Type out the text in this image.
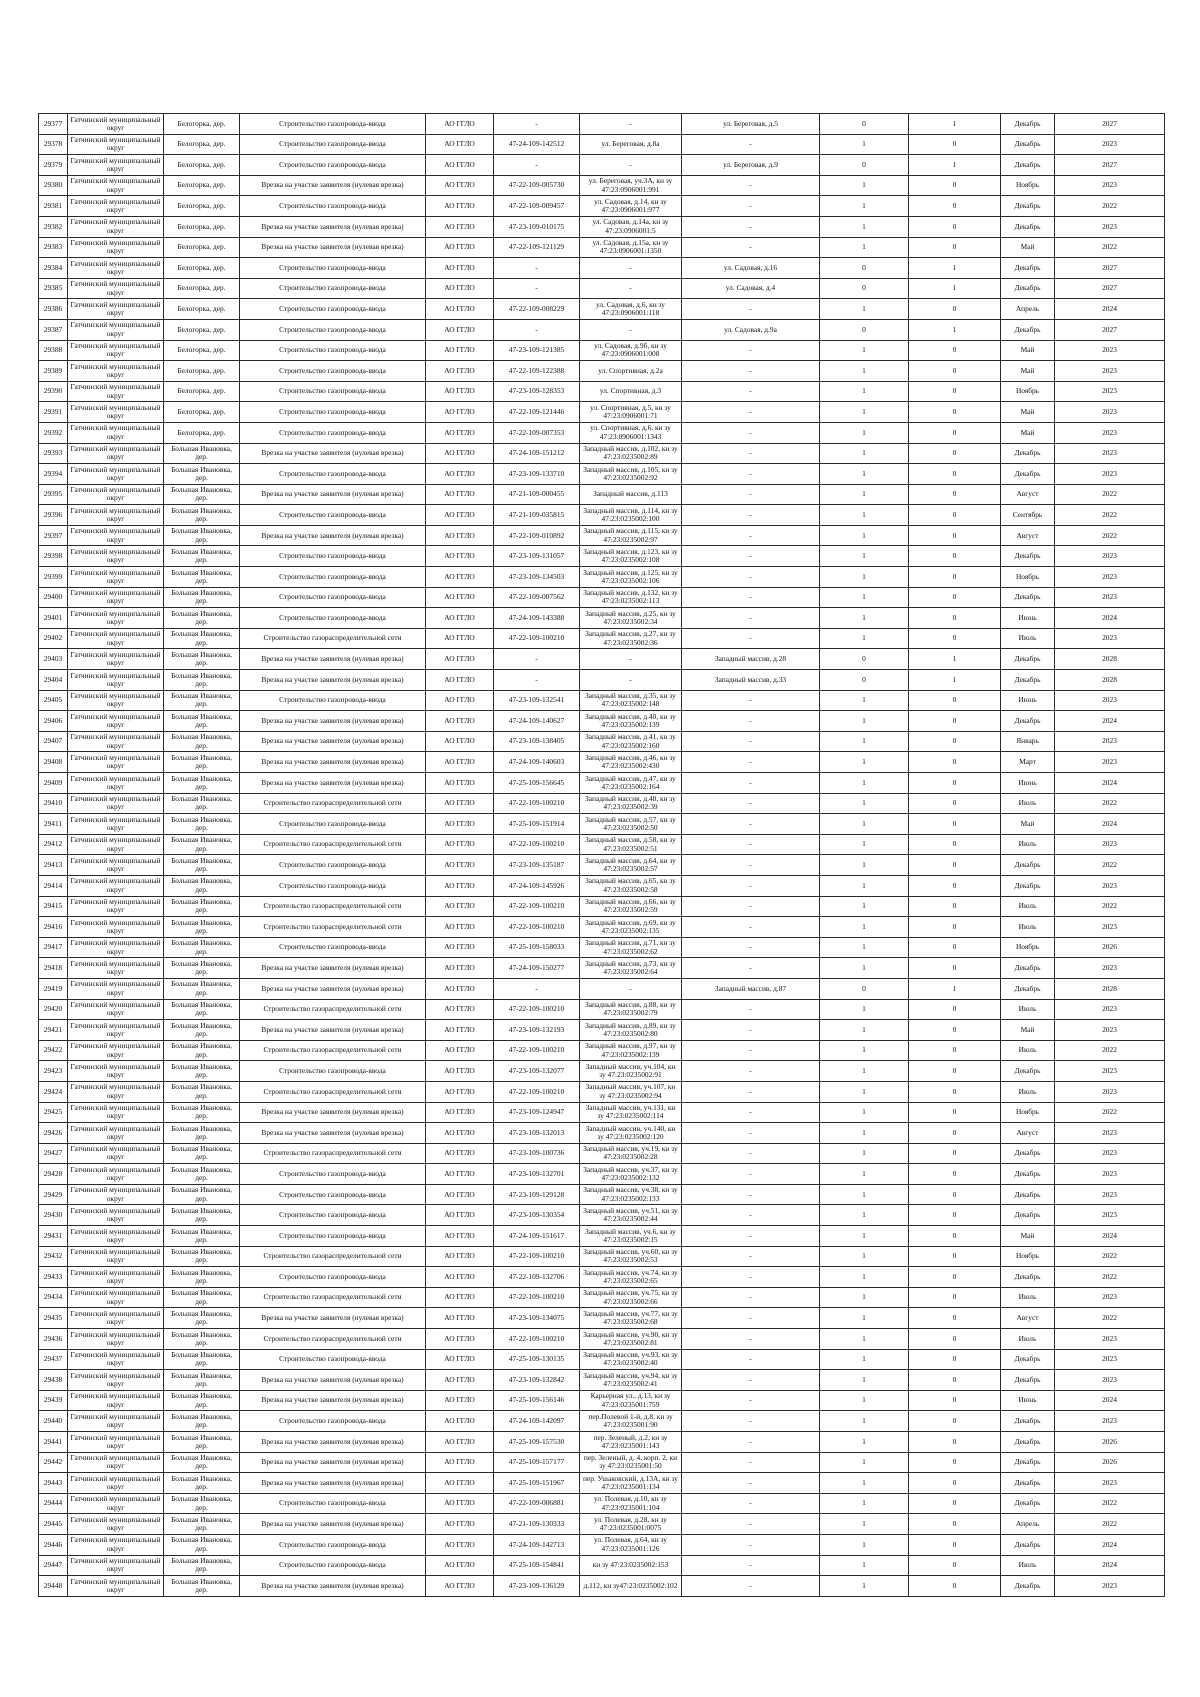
29377	Гатчинский муниципальный округ	Белогорка, дер.	Строительство газопровода-ввода	АО ГГЛО	-	-	ул. Береговая, д.5	0	1	Декабрь	2027
29378	Гатчинский муниципальный округ	Белогорка, дер.	Строительство газопровода-ввода	АО ГГЛО	47-24-109-142512	ул. Береговая, д.8а	-	1	0	Декабрь	2023
29379	Гатчинский муниципальный округ	Белогорка, дер.	Строительство газопровода-ввода	АО ГГЛО	-	-	ул. Береговая, д.9	0	1	Декабрь	2027
29380	Гатчинский муниципальный округ	Белогорка, дер.	Врезка на участке заявителя (нулевая врезка)	АО ГГЛО	47-22-109-005730	ул. Береговая, уч.3А, кн зу 47:23:0906001:991	-	1	0	Ноябрь	2023
29381	Гатчинский муниципальный округ	Белогорка, дер.	Строительство газопровода-ввода	АО ГГЛО	47-22-109-009457	ул. Садовая, д.14, кн зу 47:23:0906001:977	-	1	0	Декабрь	2022
29382	Гатчинский муниципальный округ	Белогорка, дер.	Врезка на участке заявителя (нулевая врезка)	АО ГГЛО	47-23-109-010175	ул. Садовая, д.14а, кн зу 47:23:0906001:5	-	1	0	Декабрь	2023
29383	Гатчинский муниципальный округ	Белогорка, дер.	Врезка на участке заявителя (нулевая врезка)	АО ГГЛО	47-22-109-121129	ул. Садовая, д.15а, кн зу 47:23:0906001:1350	-	1	0	Май	2022
29384	Гатчинский муниципальный округ	Белогорка, дер.	Строительство газопровода-ввода	АО ГГЛО	-	-	ул. Садовая, д.16	0	1	Декабрь	2027
29385	Гатчинский муниципальный округ	Белогорка, дер.	Строительство газопровода-ввода	АО ГГЛО	-	-	ул. Садовая, д.4	0	1	Декабрь	2027
29386	Гатчинский муниципальный округ	Белогорка, дер.	Строительство газопровода-ввода	АО ГГЛО	47-22-109-008229	ул. Садовая, д.6, кн зу 47:23:0906001:118	-	1	0	Апрель	2024
29387	Гатчинский муниципальный округ	Белогорка, дер.	Строительство газопровода-ввода	АО ГГЛО	-	-	ул. Садовая, д.9а	0	1	Декабрь	2027
29388	Гатчинский муниципальный округ	Белогорка, дер.	Строительство газопровода-ввода	АО ГГЛО	47-23-109-121385	ул. Садовая, д.9б, кн зу 47:23:0906001:008	-	1	0	Май	2023
29389	Гатчинский муниципальный округ	Белогорка, дер.	Строительство газопровода-ввода	АО ГГЛО	47-22-109-122388	ул. Спортивная, д.2а	-	1	0	Май	2023
29390	Гатчинский муниципальный округ	Белогорка, дер.	Строительство газопровода-ввода	АО ГГЛО	47-23-109-128353	ул. Спортивная, д.3	-	1	0	Ноябрь	2023
29391	Гатчинский муниципальный округ	Белогорка, дер.	Строительство газопровода-ввода	АО ГГЛО	47-22-109-121446	ул. Спортивная, д.5, кн зу 47:23:0906001:71	-	1	0	Май	2023
29392	Гатчинский муниципальный округ	Белогорка, дер.	Строительство газопровода-ввода	АО ГГЛО	47-22-109-007353	ул. Спортивная, д.6, кн зу 47:23:0906001:1343	-	1	0	Май	2023
29393	Гатчинский муниципальный округ	Большая Ивановка, дер.	Врезка на участке заявителя (нулевая врезка)	АО ГГЛО	47-24-109-151212	Западный массив, д.102, кн зу 47:23:0235002:89	-	1	0	Декабрь	2023
29394	Гатчинский муниципальный округ	Большая Ивановка, дер.	Строительство газопровода-ввода	АО ГГЛО	47-23-109-133710	Западный массив, д.105, кн зу 47:23:0235002:92	-	1	0	Декабрь	2023
29395	Гатчинский муниципальный округ	Большая Ивановка, дер.	Врезка на участке заявителя (нулевая врезка)	АО ГГЛО	47-21-109-000455	Западный массив, д.113	-	1	0	Август	2022
29396	Гатчинский муниципальный округ	Большая Ивановка, дер.	Строительство газопровода-ввода	АО ГГЛО	47-21-109-035815	Западный массив, д.114, кн зу 47:23:0235002:100	-	1	0	Сентябрь	2022
29397	Гатчинский муниципальный округ	Большая Ивановка, дер.	Врезка на участке заявителя (нулевая врезка)	АО ГГЛО	47-22-109-010892	Западный массив, д.115, кн зу 47:23:0235002:97	-	1	0	Август	2022
29398	Гатчинский муниципальный округ	Большая Ивановка, дер.	Строительство газопровода-ввода	АО ГГЛО	47-23-109-131057	Западный массив, д.123, кн зу 47:23:0235002:108	-	1	0	Декабрь	2023
29399	Гатчинский муниципальный округ	Большая Ивановка, дер.	Строительство газопровода-ввода	АО ГГЛО	47-23-109-134503	Западный массив, д.125, кн зу 47:23:0235002:106	-	1	0	Ноябрь	2023
29400	Гатчинский муниципальный округ	Большая Ивановка, дер.	Строительство газопровода-ввода	АО ГГЛО	47-22-109-007562	Западный массив, д.132, кн зу 47:23:0235002:113	-	1	0	Декабрь	2023
29401	Гатчинский муниципальный округ	Большая Ивановка, дер.	Строительство газопровода-ввода	АО ГГЛО	47-24-109-143388	Западный массив, д.25, кн зу 47:23:0235002:34	-	1	0	Июнь	2024
29402	Гатчинский муниципальный округ	Большая Ивановка, дер.	Строительство газораспределительной сети	АО ГГЛО	47-22-109-100210	Западный массив, д.27, кн зу 47:23:0235002:36	-	1	0	Июль	2023
29403	Гатчинский муниципальный округ	Большая Ивановка, дер.	Врезка на участке заявителя (нулевая врезка)	АО ГГЛО	-	-	Западный массив, д.28	0	1	Декабрь	2028
29404	Гатчинский муниципальный округ	Большая Ивановка, дер.	Врезка на участке заявителя (нулевая врезка)	АО ГГЛО	-	-	Западный массив, д.33	0	1	Декабрь	2028
29405	Гатчинский муниципальный округ	Большая Ивановка, дер.	Строительство газопровода-ввода	АО ГГЛО	47-23-109-132541	Западный массив, д.35, кн зу 47:23:0235002:148	-	1	0	Июнь	2023
29406	Гатчинский муниципальный округ	Большая Ивановка, дер.	Врезка на участке заявителя (нулевая врезка)	АО ГГЛО	47-24-109-140627	Западный массив, д.40, кн зу 47:23:0235002:139	-	1	0	Декабрь	2024
29407	Гатчинский муниципальный округ	Большая Ивановка, дер.	Врезка на участке заявителя (нулевая врезка)	АО ГГЛО	47-23-109-138405	Западный массив, д.41, кн зу 47:23:0235002:160	-	1	0	Январь	2023
29408	Гатчинский муниципальный округ	Большая Ивановка, дер.	Врезка на участке заявителя (нулевая врезка)	АО ГГЛО	47-24-109-140603	Западный массив, д.46, кн зу 47:23:0235002:430	-	1	0	Март	2023
29409	Гатчинский муниципальный округ	Большая Ивановка, дер.	Врезка на участке заявителя (нулевая врезка)	АО ГГЛО	47-25-109-156645	Западный массив, д.47, кн зу 47:23:0235002:164	-	1	0	Июнь	2024
29410	Гатчинский муниципальный округ	Большая Ивановка, дер.	Строительство газораспределительной сети	АО ГГЛО	47-22-109-100210	Западный массив, д.48, кн зу 47:23:0235002:39	-	1	0	Июль	2022
29411	Гатчинский муниципальный округ	Большая Ивановка, дер.	Строительство газопровода-ввода	АО ГГЛО	47-25-109-151914	Западный массив, д.57, кн зу 47:23:0235002:50	-	1	0	Май	2024
29412	Гатчинский муниципальный округ	Большая Ивановка, дер.	Строительство газораспределительной сети	АО ГГЛО	47-22-109-100210	Западный массив, д.58, кн зу 47:23:0235002:51	-	1	0	Июль	2023
29413	Гатчинский муниципальный округ	Большая Ивановка, дер.	Строительство газопровода-ввода	АО ГГЛО	47-23-109-135187	Западный массив, д.64, кн зу 47:23:0235002:57	-	1	0	Декабрь	2022
29414	Гатчинский муниципальный округ	Большая Ивановка, дер.	Строительство газопровода-ввода	АО ГГЛО	47-24-109-145926	Западный массив, д.65, кн зу 47:23:0235002:58	-	1	0	Декабрь	2023
29415	Гатчинский муниципальный округ	Большая Ивановка, дер.	Строительство газораспределительной сети	АО ГГЛО	47-22-109-100210	Западный массив, д.66, кн зу 47:23:0235002:59	-	1	0	Июль	2022
29416	Гатчинский муниципальный округ	Большая Ивановка, дер.	Строительство газораспределительной сети	АО ГГЛО	47-22-109-100210	Западный массив, д.69, кн зу 47:23:0235002:135	-	1	0	Июль	2023
29417	Гатчинский муниципальный округ	Большая Ивановка, дер.	Строительство газопровода-ввода	АО ГГЛО	47-25-109-158033	Западный массив, д.71, кн зу 47:23:0235002:62	-	1	0	Ноябрь	2026
29418	Гатчинский муниципальный округ	Большая Ивановка, дер.	Врезка на участке заявителя (нулевая врезка)	АО ГГЛО	47-24-109-150277	Западный массив, д.73, кн зу 47:23:0235002:64	-	1	0	Декабрь	2023
29419	Гатчинский муниципальный округ	Большая Ивановка, дер.	Врезка на участке заявителя (нулевая врезка)	АО ГГЛО	-	-	Западный массив, д.87	0	1	Декабрь	2028
29420	Гатчинский муниципальный округ	Большая Ивановка, дер.	Строительство газораспределительной сети	АО ГГЛО	47-22-109-100210	Западный массив, д.88, кн зу 47:23:0235002:79	-	1	0	Июль	2023
29421	Гатчинский муниципальный округ	Большая Ивановка, дер.	Врезка на участке заявителя (нулевая врезка)	АО ГГЛО	47-23-109-132193	Западный массив, д.89, кн зу 47:23:0235002:80	-	1	0	Май	2023
29422	Гатчинский муниципальный округ	Большая Ивановка, дер.	Строительство газораспределительной сети	АО ГГЛО	47-22-109-100210	Западный массив, д.97, кн зу 47:23:0235002:139	-	1	0	Июль	2022
29423	Гатчинский муниципальный округ	Большая Ивановка, дер.	Строительство газопровода-ввода	АО ГГЛО	47-23-109-132077	Западный массив, уч.104, кн зу 47:23:0235002:91	-	1	0	Декабрь	2023
29424	Гатчинский муниципальный округ	Большая Ивановка, дер.	Строительство газораспределительной сети	АО ГГЛО	47-22-109-100210	Западный массив, уч.107, кн зу 47:23:0235002:94	-	1	0	Июль	2023
29425	Гатчинский муниципальный округ	Большая Ивановка, дер.	Врезка на участке заявителя (нулевая врезка)	АО ГГЛО	47-23-109-124947	Западный массив, уч.131, кн зу 47:23:0235002:114	-	1	0	Ноябрь	2022
29426	Гатчинский муниципальный округ	Большая Ивановка, дер.	Врезка на участке заявителя (нулевая врезка)	АО ГГЛО	47-23-109-132013	Западный массив, уч.140, кн зу 47:23:0235002:120	-	1	0	Август	2023
29427	Гатчинский муниципальный округ	Большая Ивановка, дер.	Строительство газораспределительной сети	АО ГГЛО	47-23-109-100736	Западный массив, уч.19, кн зу 47:23:0235002:28	-	1	0	Декабрь	2023
29428	Гатчинский муниципальный округ	Большая Ивановка, дер.	Строительство газопровода-ввода	АО ГГЛО	47-23-109-132701	Западный массив, уч.37, кн зу 47:23:0235002:132	-	1	0	Декабрь	2023
29429	Гатчинский муниципальный округ	Большая Ивановка, дер.	Строительство газопровода-ввода	АО ГГЛО	47-23-109-129128	Западный массив, уч.38, кн зу 47:23:0235002:133	-	1	0	Декабрь	2023
29430	Гатчинский муниципальный округ	Большая Ивановка, дер.	Строительство газопровода-ввода	АО ГГЛО	47-23-109-130354	Западный массив, уч.51, кн зу 47:23:0235002:44	-	1	0	Декабрь	2023
29431	Гатчинский муниципальный округ	Большая Ивановка, дер.	Строительство газопровода-ввода	АО ГГЛО	47-24-109-151617	Западный массив, уч.6, кн зу 47:23:0235002:15	-	1	0	Май	2024
29432	Гатчинский муниципальный округ	Большая Ивановка, дер.	Строительство газораспределительной сети	АО ГГЛО	47-22-109-100210	Западный массив, уч.60, кн зу 47:23:0235002:53	-	1	0	Ноябрь	2022
29433	Гатчинский муниципальный округ	Большая Ивановка, дер.	Строительство газопровода-ввода	АО ГГЛО	47-22-109-132706	Западный массив, уч.74, кн зу 47:23:0235002:65	-	1	0	Декабрь	2022
29434	Гатчинский муниципальный округ	Большая Ивановка, дер.	Строительство газораспределительной сети	АО ГГЛО	47-22-109-100210	Западный массив, уч.75, кн зу 47:23:0235002:66	-	1	0	Июль	2023
29435	Гатчинский муниципальный округ	Большая Ивановка, дер.	Врезка на участке заявителя (нулевая врезка)	АО ГГЛО	47-23-109-134075	Западный массив, уч.77, кн зу 47:23:0235002:68	-	1	0	Август	2022
29436	Гатчинский муниципальный округ	Большая Ивановка, дер.	Строительство газораспределительной сети	АО ГГЛО	47-22-109-100210	Западный массив, уч.90, кн зу 47:23:0235002:81	-	1	0	Июль	2023
29437	Гатчинский муниципальный округ	Большая Ивановка, дер.	Строительство газопровода-ввода	АО ГГЛО	47-25-109-130135	Западный массив, уч.93, кн зу 47:23:0235002:40	-	1	0	Декабрь	2023
29438	Гатчинский муниципальный округ	Большая Ивановка, дер.	Врезка на участке заявителя (нулевая врезка)	АО ГГЛО	47-23-109-132842	Западный массив, уч.94, кн зу 47:23:0235002:41	-	1	0	Декабрь	2023
29439	Гатчинский муниципальный округ	Большая Ивановка, дер.	Врезка на участке заявителя (нулевая врезка)	АО ГГЛО	47-25-109-156146	Карьерная ул., д.13, кн зу 47:23:0235001:759	-	1	0	Июнь	2024
29440	Гатчинский муниципальный округ	Большая Ивановка, дер.	Строительство газопровода-ввода	АО ГГЛО	47-24-109-142097	пер.Полевой 1-й, д.8, кн зу 47:23:0235001:90	-	1	0	Декабрь	2023
29441	Гатчинский муниципальный округ	Большая Ивановка, дер.	Врезка на участке заявителя (нулевая врезка)	АО ГГЛО	47-25-109-157530	пер. Зеленый, д.2, кн зу 47:23:0235001:143	-	1	0	Декабрь	2026
29442	Гатчинский муниципальный округ	Большая Ивановка, дер.	Врезка на участке заявителя (нулевая врезка)	АО ГГЛО	47-25-109-157177	пер. Зеленый, д. 4, корп. 2, кн зу 47:23:0235001:50	-	1	0	Декабрь	2026
29443	Гатчинский муниципальный округ	Большая Ивановка, дер.	Врезка на участке заявителя (нулевая врезка)	АО ГГЛО	47-25-109-151967	пер. Ушаковский, д.13А, кн зу 47:23:0235001:134	-	1	0	Декабрь	2023
29444	Гатчинский муниципальный округ	Большая Ивановка, дер.	Строительство газопровода-ввода	АО ГГЛО	47-22-109-006881	ул. Полевая, д.10, кн зу 47:23:0235001:104	-	1	0	Декабрь	2022
29445	Гатчинский муниципальный округ	Большая Ивановка, дер.	Врезка на участке заявителя (нулевая врезка)	АО ГГЛО	47-21-109-130333	ул. Полевая, д.28, кн зу 47:23:0235001:0075	-	1	0	Апрель	2022
29446	Гатчинский муниципальный округ	Большая Ивановка, дер.	Строительство газопровода-ввода	АО ГГЛО	47-24-109-142713	ул. Полевая, д.64, кн зу 47:23:0235001:126	-	1	0	Декабрь	2024
29447	Гатчинский муниципальный округ	Большая Ивановка, дер.	Строительство газопровода-ввода	АО ГГЛО	47-25-109-154841	кн зу 47:23:0235002:153	-	1	0	Июль	2024
29448	Гатчинский муниципальный округ	Большая Ивановка, дер.	Врезка на участке заявителя (нулевая врезка)	АО ГГЛО	47-23-109-136129	д.112, кн зу47:23:0235002:102	-	1	0	Декабрь	2023
